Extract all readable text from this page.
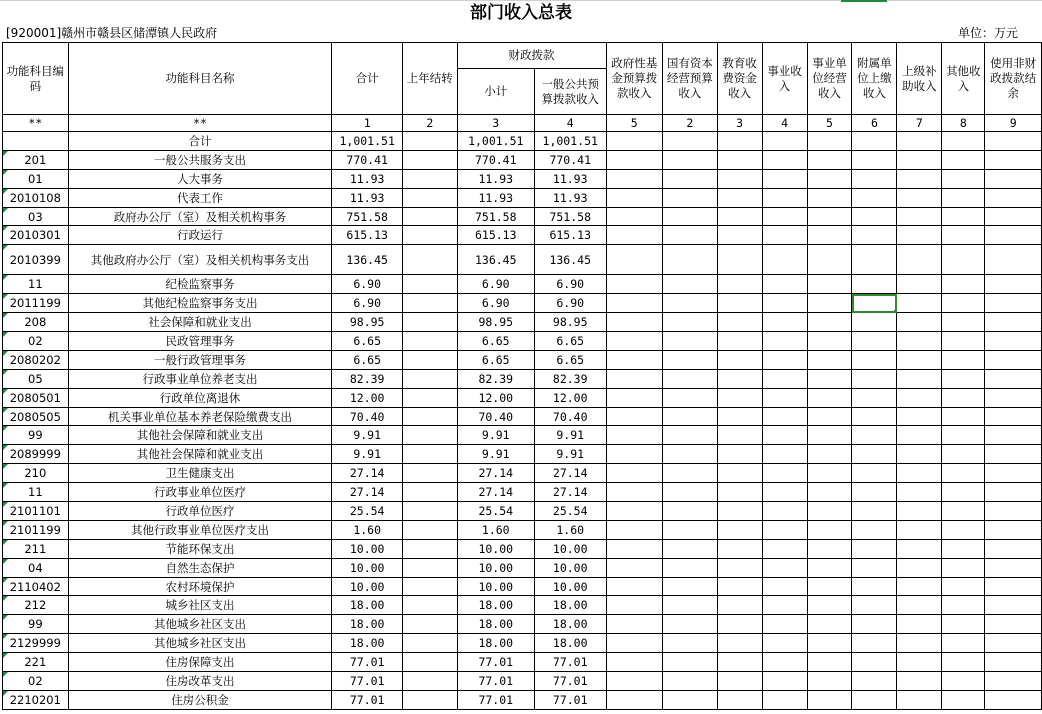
部门收入总表
[920001]赣州市赣县区储潭镇人民政府	单位：万元
功能科目编码	功能科目名称	合计	上年结转	财政拨款		政府性基金预算拨款收入	国有资本经营预算收入	教育收费资金收入	事业收入	事业单位经营收入	附属单位上缴收入	上级补助收入	其他收入	使用非财政拨款结余
				小计	一般公共预算拨款收入									
**	**	1	2	3	4	5	2	3	4	5	6	7	8	9
	合计	1,001.51		1,001.51	1,001.51									
201	一般公共服务支出	770.41		770.41	770.41									
01	人大事务	11.93		11.93	11.93									
2010108	代表工作	11.93		11.93	11.93									
03	政府办公厅（室）及相关机构事务	751.58		751.58	751.58									
2010301	行政运行	615.13		615.13	615.13									
2010399	其他政府办公厅（室）及相关机构事务支出	136.45		136.45	136.45									
11	纪检监察事务	6.90		6.90	6.90									
2011199	其他纪检监察事务支出	6.90		6.90	6.90									
208	社会保障和就业支出	98.95		98.95	98.95									
02	民政管理事务	6.65		6.65	6.65									
2080202	一般行政管理事务	6.65		6.65	6.65									
05	行政事业单位养老支出	82.39		82.39	82.39									
2080501	行政单位离退休	12.00		12.00	12.00									
2080505	机关事业单位基本养老保险缴费支出	70.40		70.40	70.40									
99	其他社会保障和就业支出	9.91		9.91	9.91									
2089999	其他社会保障和就业支出	9.91		9.91	9.91									
210	卫生健康支出	27.14		27.14	27.14									
11	行政事业单位医疗	27.14		27.14	27.14									
2101101	行政单位医疗	25.54		25.54	25.54									
2101199	其他行政事业单位医疗支出	1.60		1.60	1.60									
211	节能环保支出	10.00		10.00	10.00									
04	自然生态保护	10.00		10.00	10.00									
2110402	农村环境保护	10.00		10.00	10.00									
212	城乡社区支出	18.00		18.00	18.00									
99	其他城乡社区支出	18.00		18.00	18.00									
2129999	其他城乡社区支出	18.00		18.00	18.00									
221	住房保障支出	77.01		77.01	77.01									
02	住房改革支出	77.01		77.01	77.01									
2210201	住房公积金	77.01		77.01	77.01									
